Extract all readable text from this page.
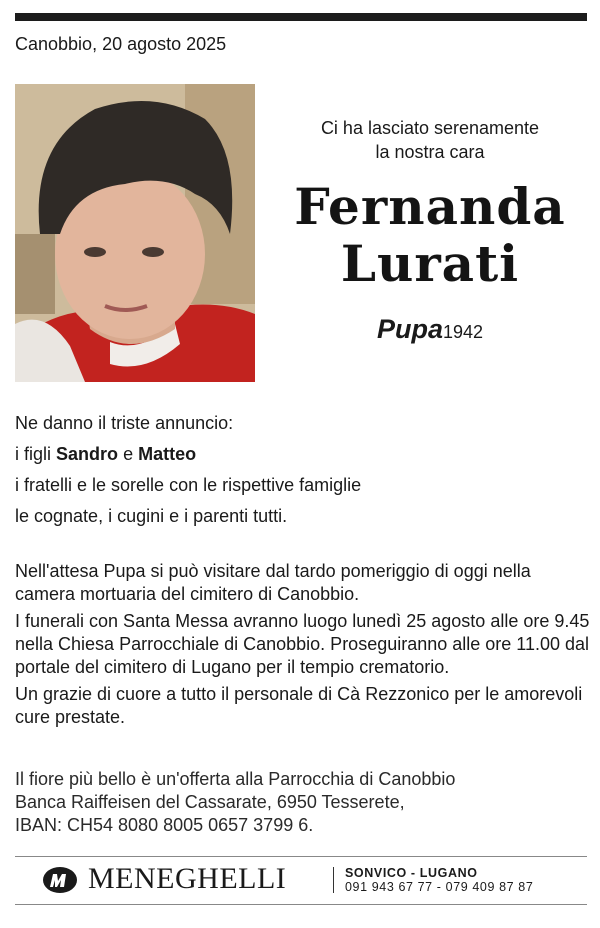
Canobbio, 20 agosto 2025
Ci ha lasciato serenamente
la nostra cara
Fernanda
Lurati
Pupa1942
Ne danno il triste annuncio:
i figli Sandro e Matteo
i fratelli e le sorelle con le rispettive famiglie
le cognate, i cugini e i parenti tutti.

Nell'attesa Pupa si può visitare dal tardo pomeriggio di oggi nella camera mortuaria del cimitero di Canobbio.

I funerali con Santa Messa avranno luogo lunedì 25 agosto alle ore 9.45 nella Chiesa Parrocchiale di Canobbio. Proseguiranno alle ore 11.00 dal portale del cimitero di Lugano per il tempio crematorio.

Un grazie di cuore a tutto il personale di Cà Rezzonico per le amorevoli cure prestate.

Il fiore più bello è un'offerta alla Parrocchia di Canobbio
Banca Raiffeisen del Cassarate, 6950 Tesserete,
IBAN: CH54 8080 8005 0657 3799 6.
MENEGHELLI	SONVICO - LUGANO
091 943 67 77 - 079 409 87 87
